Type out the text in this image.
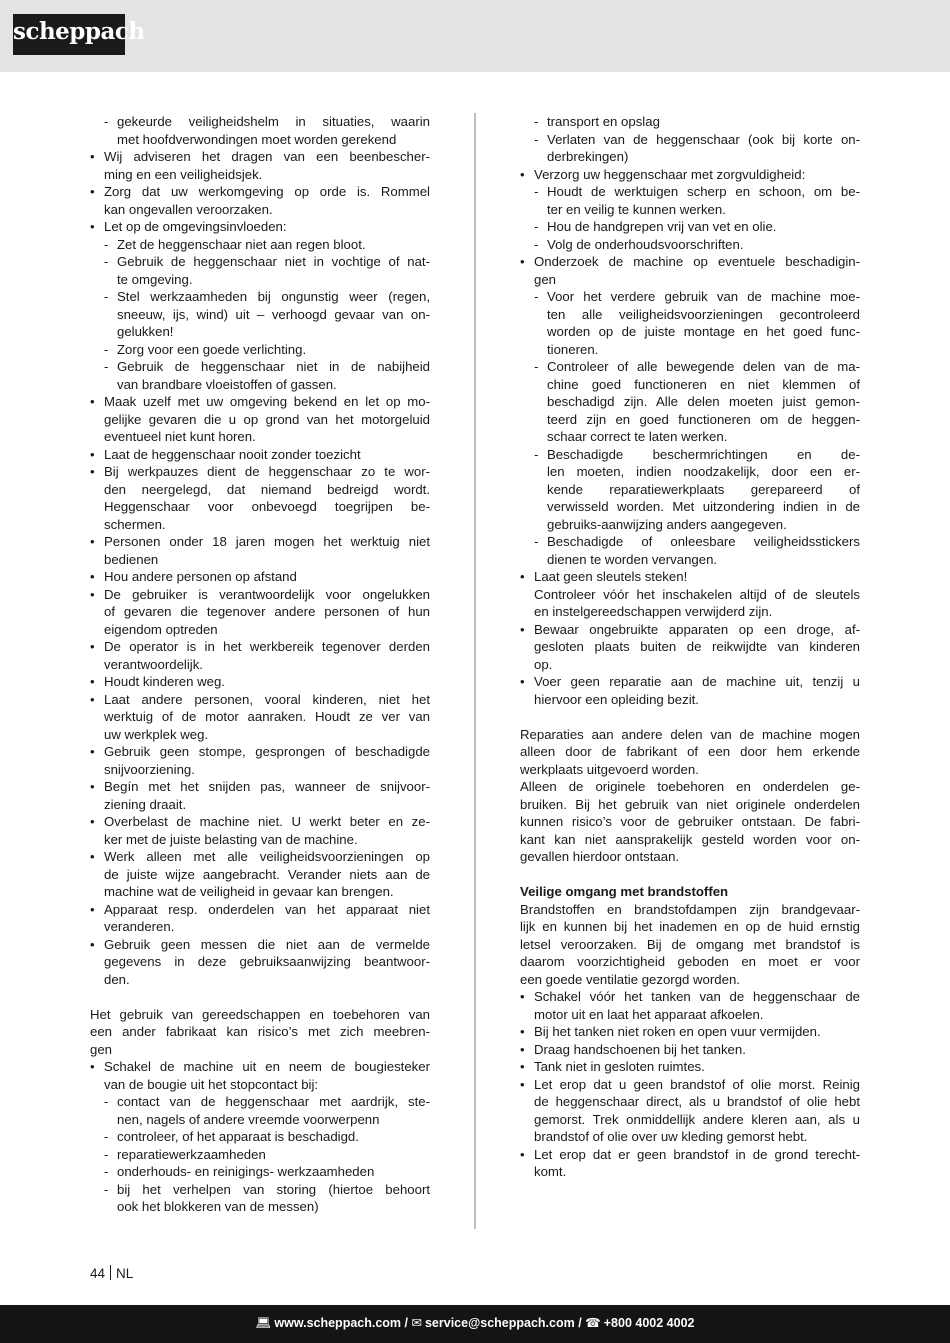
scheppach
- gekeurde veiligheidshelm in situaties, waarin
met hoofdverwondingen moet worden gerekend
• Wij adviseren het dragen van een beenbescher-
ming en een veiligheidsjek.
• Zorg dat uw werkomgeving op orde is. Rommel
kan ongevallen veroorzaken.
• Let op de omgevingsinvloeden:
- Zet de heggenschaar niet aan regen bloot.
- Gebruik de heggenschaar niet in vochtige of nat-
te omgeving.
- Stel werkzaamheden bij ongunstig weer (regen,
sneeuw, ijs, wind) uit – verhoogd gevaar van on-
gelukken!
- Zorg voor een goede verlichting.
- Gebruik de heggenschaar niet in de nabijheid
van brandbare vloeistoffen of gassen.
• Maak uzelf met uw omgeving bekend en let op mo-
gelijke gevaren die u op grond van het motorgeluid
eventueel niet kunt horen.
• Laat de heggenschaar nooit zonder toezicht
• Bij werkpauzes dient de heggenschaar zo te wor-
den neergelegd, dat niemand bedreigd wordt.
Heggenschaar voor onbevoegd toegrijpen be-
schermen.
• Personen onder 18 jaren mogen het werktuig niet
bedienen
• Hou andere personen op afstand
• De gebruiker is verantwoordelijk voor ongelukken
of gevaren die tegenover andere personen of hun
eigendom optreden
• De operator is in het werkbereik tegenover derden
verantwoordelijk.
• Houdt kinderen weg.
• Laat andere personen, vooral kinderen, niet het
werktuig of de motor aanraken. Houdt ze ver van
uw werkplek weg.
• Gebruik geen stompe, gesprongen of beschadigde
snijvoorziening.
• Begín met het snijden pas, wanneer de snijvoor-
ziening draait.
• Overbelast de machine niet. U werkt beter en ze-
ker met de juiste belasting van de machine.
• Werk alleen met alle veiligheidsvoorzieningen op
de juiste wijze aangebracht. Verander niets aan de
machine wat de veiligheid in gevaar kan brengen.
• Apparaat resp. onderdelen van het apparaat niet
veranderen.
• Gebruik geen messen die niet aan de vermelde
gegevens in deze gebruiksaanwijzing beantwoor-
den.
Het gebruik van gereedschappen en toebehoren van
een ander fabrikaat kan risico’s met zich meebren-
gen
• Schakel de machine uit en neem de bougiesteker
van de bougie uit het stopcontact bij:
- contact van de heggenschaar met aardrijk, ste-
nen, nagels of andere vreemde voorwerpenn
- controleer, of het apparaat is beschadigd.
- reparatiewerkzaamheden
- onderhouds- en reinigings- werkzaamheden
- bij het verhelpen van storing (hiertoe behoort
ook het blokkeren van de messen)
- transport en opslag
- Verlaten van de heggenschaar (ook bij korte on-
derbrekingen)
• Verzorg uw heggenschaar met zorgvuldigheid:
- Houdt de werktuigen scherp en schoon, om be-
ter en veilig te kunnen werken.
- Hou de handgrepen vrij van vet en olie.
- Volg de onderhoudsvoorschriften.
• Onderzoek de machine op eventuele beschadigin-
gen
- Voor het verdere gebruik van de machine moe-
ten alle veiligheidsvoorzieningen gecontroleerd
worden op de juiste montage en het goed func-
tioneren.
- Controleer of alle bewegende delen van de ma-
chine goed functioneren en niet klemmen of
beschadigd zijn. Alle delen moeten juist gemon-
teerd zijn en goed functioneren om de heggen-
schaar correct te laten werken.
- Beschadigde beschermrichtingen en de-
len moeten, indien noodzakelijk, door een er-
kende reparatiewerkplaats gerepareerd of
verwisseld worden. Met uitzondering indien in de
gebruiks-aanwijzing anders aangegeven.
- Beschadigde of onleesbare veiligheidsstickers
dienen te worden vervangen.
• Laat geen sleutels steken!
Controleer vóór het inschakelen altijd of de sleutels
en instelgereedschappen verwijderd zijn.
• Bewaar ongebruikte apparaten op een droge, af-
gesloten plaats buiten de reikwijdte van kinderen
op.
• Voer geen reparatie aan de machine uit, tenzij u
hiervoor een opleiding bezit.
Reparaties aan andere delen van de machine mogen
alleen door de fabrikant of een door hem erkende
werkplaats uitgevoerd worden.
Alleen de originele toebehoren en onderdelen ge-
bruiken. Bij het gebruik van niet originele onderdelen
kunnen risico’s voor de gebruiker ontstaan. De fabri-
kant kan niet aansprakelijk gesteld worden voor on-
gevallen hierdoor ontstaan.
Veilige omgang met brandstoffen
Brandstoffen en brandstofdampen zijn brandgevaar-
lijk en kunnen bij het inademen en op de huid ernstig
letsel veroorzaken. Bij de omgang met brandstof is
daarom voorzichtigheid geboden en moet er voor
een goede ventilatie gezorgd worden.
• Schakel vóór het tanken van de heggenschaar de
motor uit en laat het apparaat afkoelen.
• Bij het tanken niet roken en open vuur vermijden.
• Draag handschoenen bij het tanken.
• Tank niet in gesloten ruimtes.
• Let erop dat u geen brandstof of olie morst. Reinig
de heggenschaar direct, als u brandstof of olie hebt
gemorst. Trek onmiddellijk andere kleren aan, als u
brandstof of olie over uw kleding gemorst hebt.
• Let erop dat er geen brandstof in de grond terecht-
komt.
44 NL
💻︎ www.scheppach.com / ✉︎ service@scheppach.com / ☎︎ +800 4002 4002
